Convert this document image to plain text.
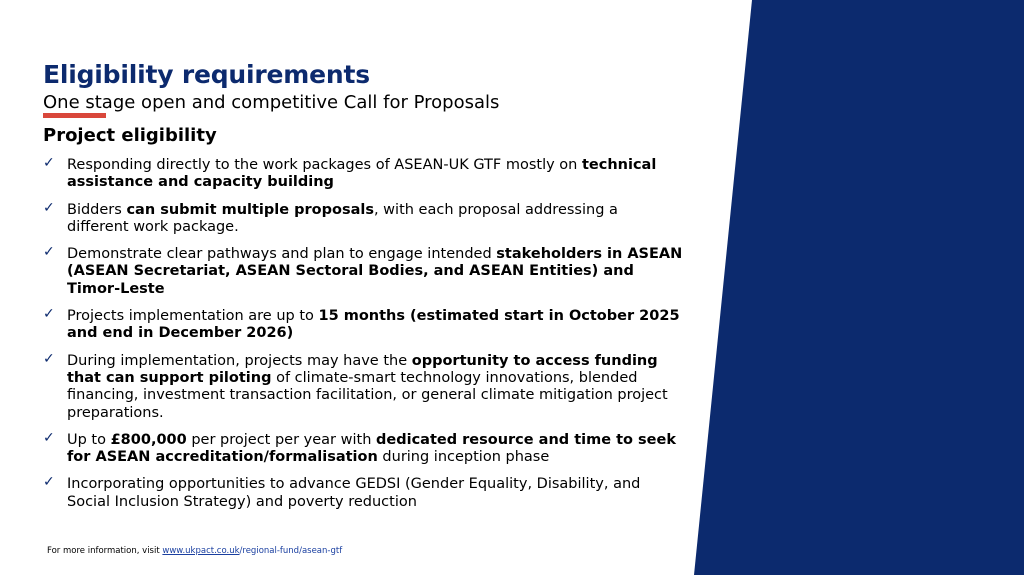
Eligibility requirements
One stage open and competitive Call for Proposals
Project eligibility
✓ Responding directly to the work packages of ASEAN-UK GTF mostly on technical assistance and capacity building
✓ Bidders can submit multiple proposals, with each proposal addressing a different work package.
✓ Demonstrate clear pathways and plan to engage intended stakeholders in ASEAN (ASEAN Secretariat, ASEAN Sectoral Bodies, and ASEAN Entities) and Timor-Leste
✓ Projects implementation are up to 15 months (estimated start in October 2025 and end in December 2026)
✓ During implementation, projects may have the opportunity to access funding that can support piloting of climate-smart technology innovations, blended financing, investment transaction facilitation, or general climate mitigation project preparations.
✓ Up to £800,000 per project per year with dedicated resource and time to seek for ASEAN accreditation/formalisation during inception phase
✓ Incorporating opportunities to advance GEDSI (Gender Equality, Disability, and Social Inclusion Strategy) and poverty reduction
For more information, visit www.ukpact.co.uk/regional-fund/asean-gtf
